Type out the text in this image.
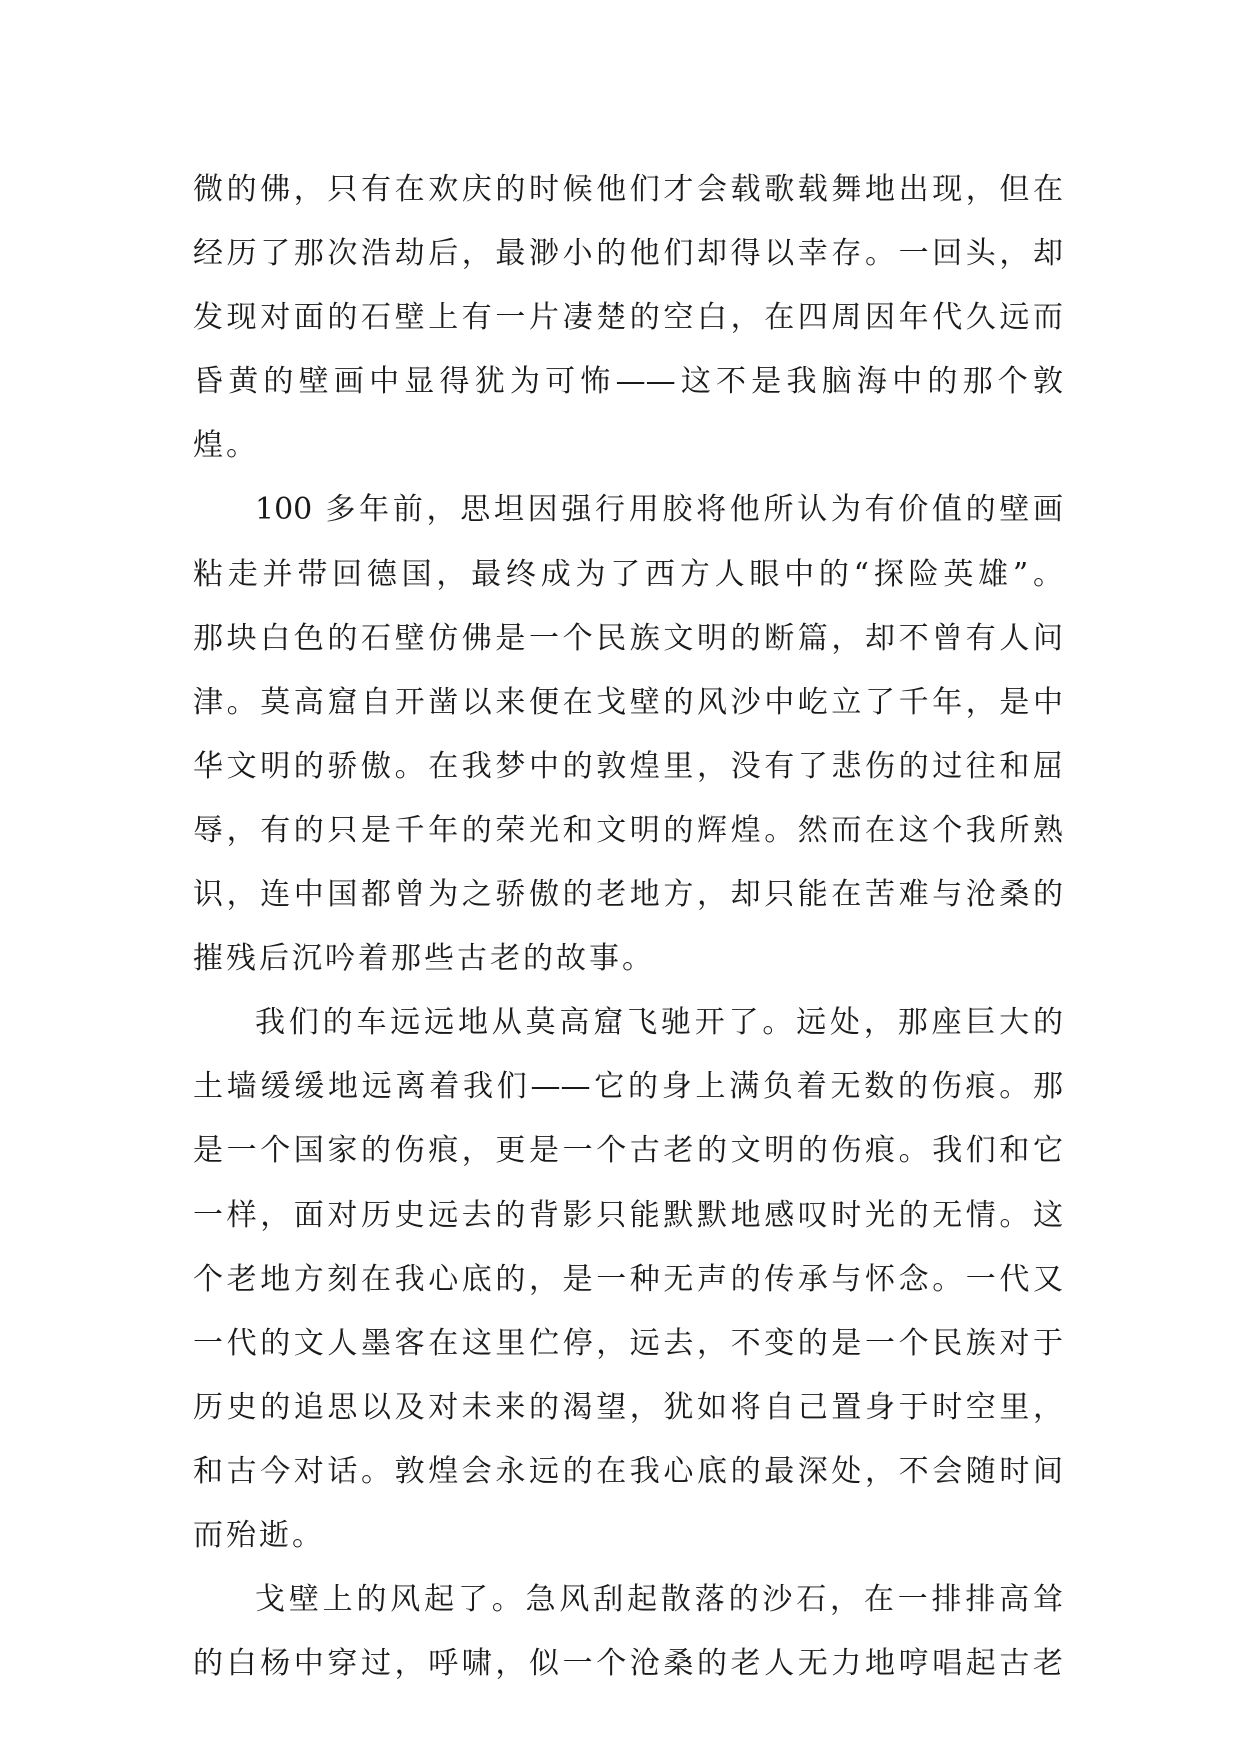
微的佛，只有在欢庆的时候他们才会载歌载舞地出现，但在
经历了那次浩劫后，最渺小的他们却得以幸存。一回头，却
发现对面的石壁上有一片凄楚的空白，在四周因年代久远而
昏黄的壁画中显得犹为可怖——这不是我脑海中的那个敦
煌。
100 多年前，思坦因强行用胶将他所认为有价值的壁画
粘走并带回德国，最终成为了西方人眼中的“探险英雄”。
那块白色的石壁仿佛是一个民族文明的断篇，却不曾有人问
津。莫高窟自开凿以来便在戈壁的风沙中屹立了千年，是中
华文明的骄傲。在我梦中的敦煌里，没有了悲伤的过往和屈
辱，有的只是千年的荣光和文明的辉煌。然而在这个我所熟
识，连中国都曾为之骄傲的老地方，却只能在苦难与沧桑的
摧残后沉吟着那些古老的故事。
我们的车远远地从莫高窟飞驰开了。远处，那座巨大的
土墙缓缓地远离着我们——它的身上满负着无数的伤痕。那
是一个国家的伤痕，更是一个古老的文明的伤痕。我们和它
一样，面对历史远去的背影只能默默地感叹时光的无情。这
个老地方刻在我心底的，是一种无声的传承与怀念。一代又
一代的文人墨客在这里伫停，远去，不变的是一个民族对于
历史的追思以及对未来的渴望，犹如将自己置身于时空里，
和古今对话。敦煌会永远的在我心底的最深处，不会随时间
而殆逝。
戈壁上的风起了。急风刮起散落的沙石，在一排排高耸
的白杨中穿过，呼啸，似一个沧桑的老人无力地哼唱起古老
